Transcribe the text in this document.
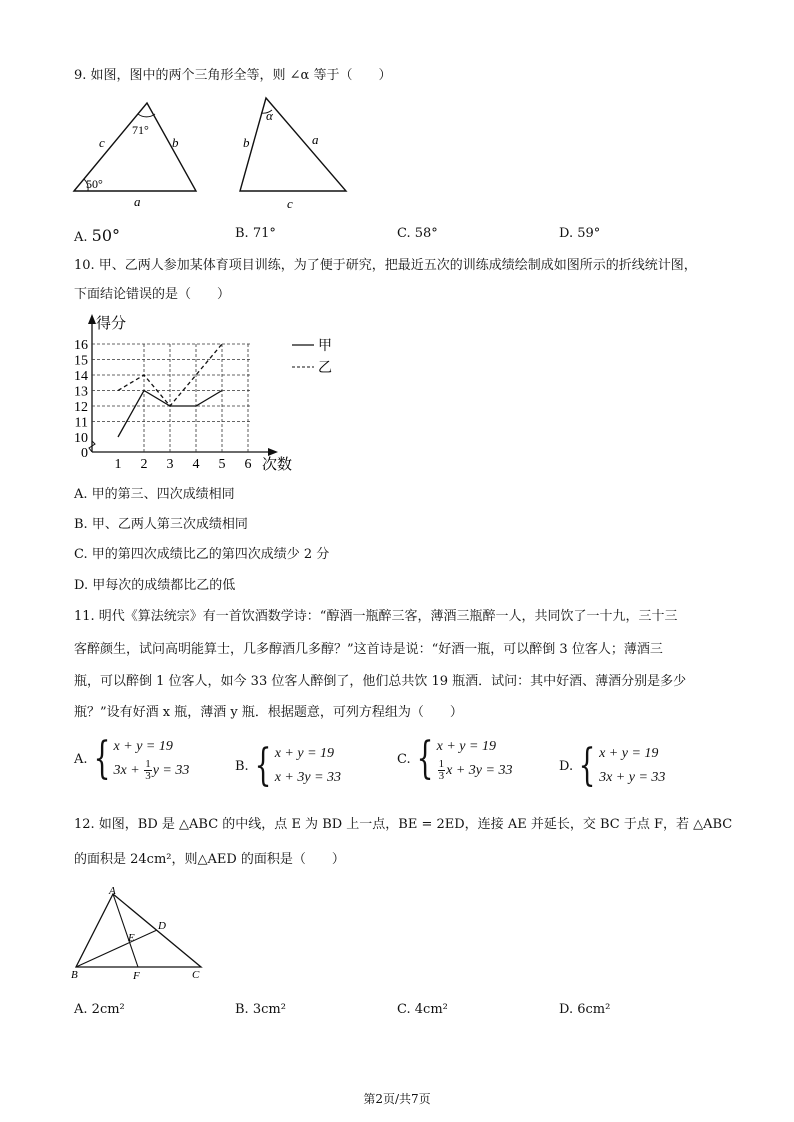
9. 如图，图中的两个三角形全等，则 ∠α 等于（　　）
71°
50°
c	b
a
α
b	a
c
A. 50°	B. 71°	C. 58°	D. 59°
10. 甲、乙两人参加某体育项目训练，为了便于研究，把最近五次的训练成绩绘制成如图所示的折线统计图，
下面结论错误的是（　　）
得分
次数
0
10
11
12
13
14
15
16
1 2 3 4 5 6
甲
乙
A. 甲的第三、四次成绩相同
B. 甲、乙两人第三次成绩相同
C. 甲的第四次成绩比乙的第四次成绩少 2 分
D. 甲每次的成绩都比乙的低
11. 明代《算法统宗》有一首饮酒数学诗：“醇酒一瓶醉三客，薄酒三瓶醉一人，共同饮了一十九，三十三
客醉颜生，试问高明能算士，几多醇酒几多醇？”这首诗是说：“好酒一瓶，可以醉倒 3 位客人；薄酒三
瓶，可以醉倒 1 位客人，如今 33 位客人醉倒了，他们总共饮 19 瓶酒．试问：其中好酒、薄酒分别是多少
瓶？”设有好酒 x 瓶，薄酒 y 瓶．根据题意，可列方程组为（　　）
A. { x + y = 19
$3x + \frac{1}{3}$ y = 33	B. { x + y = 19
x + 3y = 33
C. { x + y = 19
$\frac{1}{3}$ x + 3y = 33	D. { x + y = 19
3x + y = 33
12. 如图，BD 是 △ABC 的中线，点 E 为 BD 上一点，BE = 2ED，连接 AE 并延长，交 BC 于点 F，若 △ABC
的面积是 24cm²，则△AED 的面积是（　　）
A
B	C
D
E
F
A. 2cm²	B. 3cm²	C. 4cm²	D. 6cm²
第2页/共7页
